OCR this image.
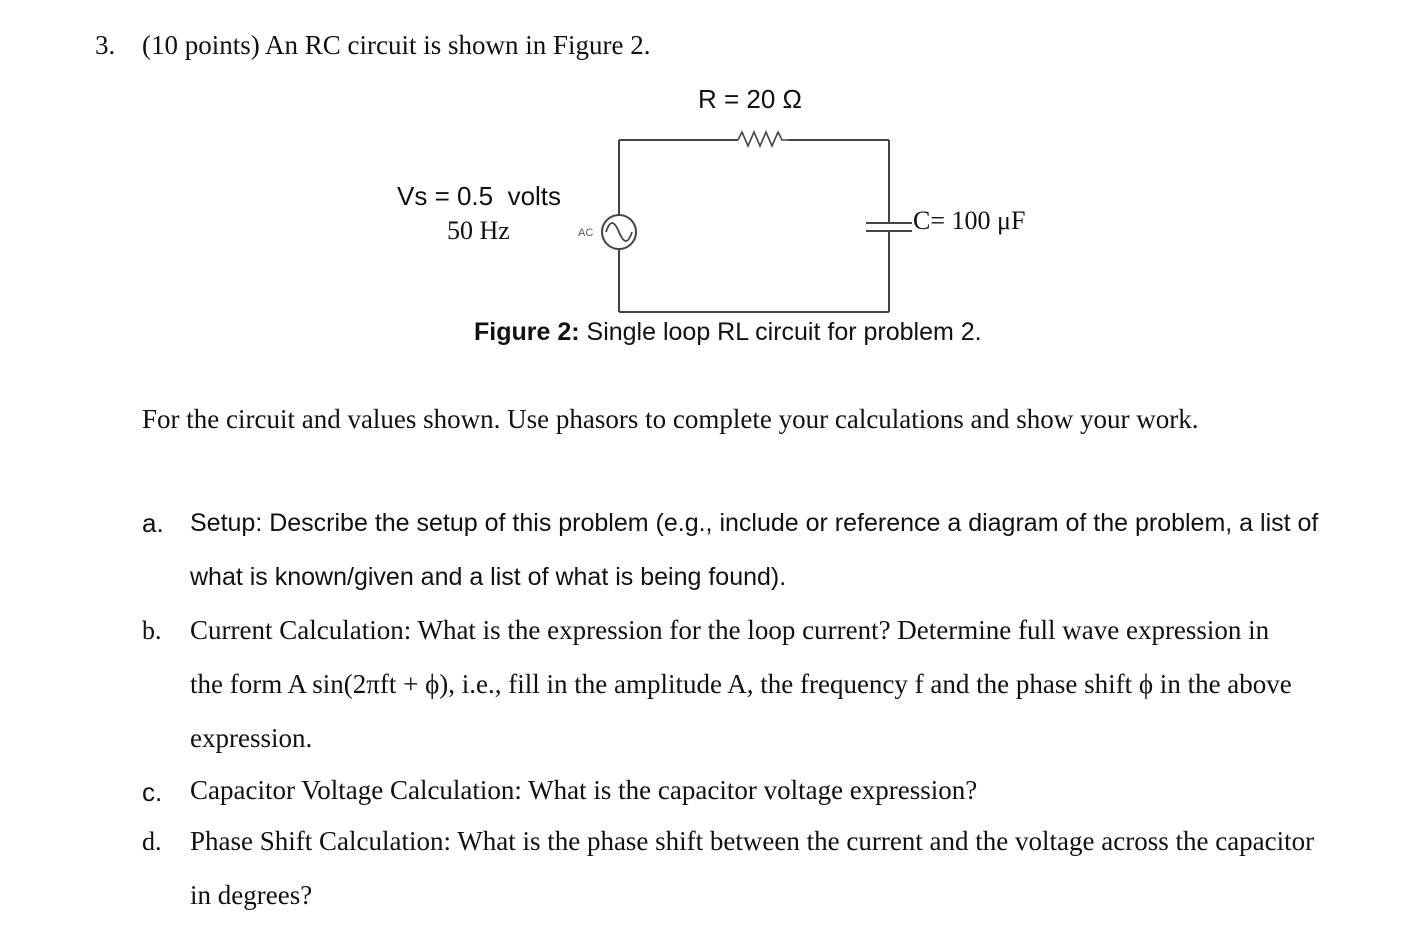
3. (10 points) An RC circuit is shown in Figure 2.
AC
R = 20 Ω
Vs = 0.5  volts
50 Hz	C= 100 μF
Figure 2: Single loop RL circuit for problem 2.
For the circuit and values shown. Use phasors to complete your calculations and show your work.
a. Setup: Describe the setup of this problem (e.g., include or reference a diagram of the problem, a list of what is known/given and a list of what is being found).
b. Current Calculation: What is the expression for the loop current? Determine full wave expression in the form A sin(2πft + ϕ), i.e., fill in the amplitude A, the frequency f and the phase shift ϕ in the above expression.
c. Capacitor Voltage Calculation: What is the capacitor voltage expression?
d. Phase Shift Calculation: What is the phase shift between the current and the voltage across the capacitor in degrees?
